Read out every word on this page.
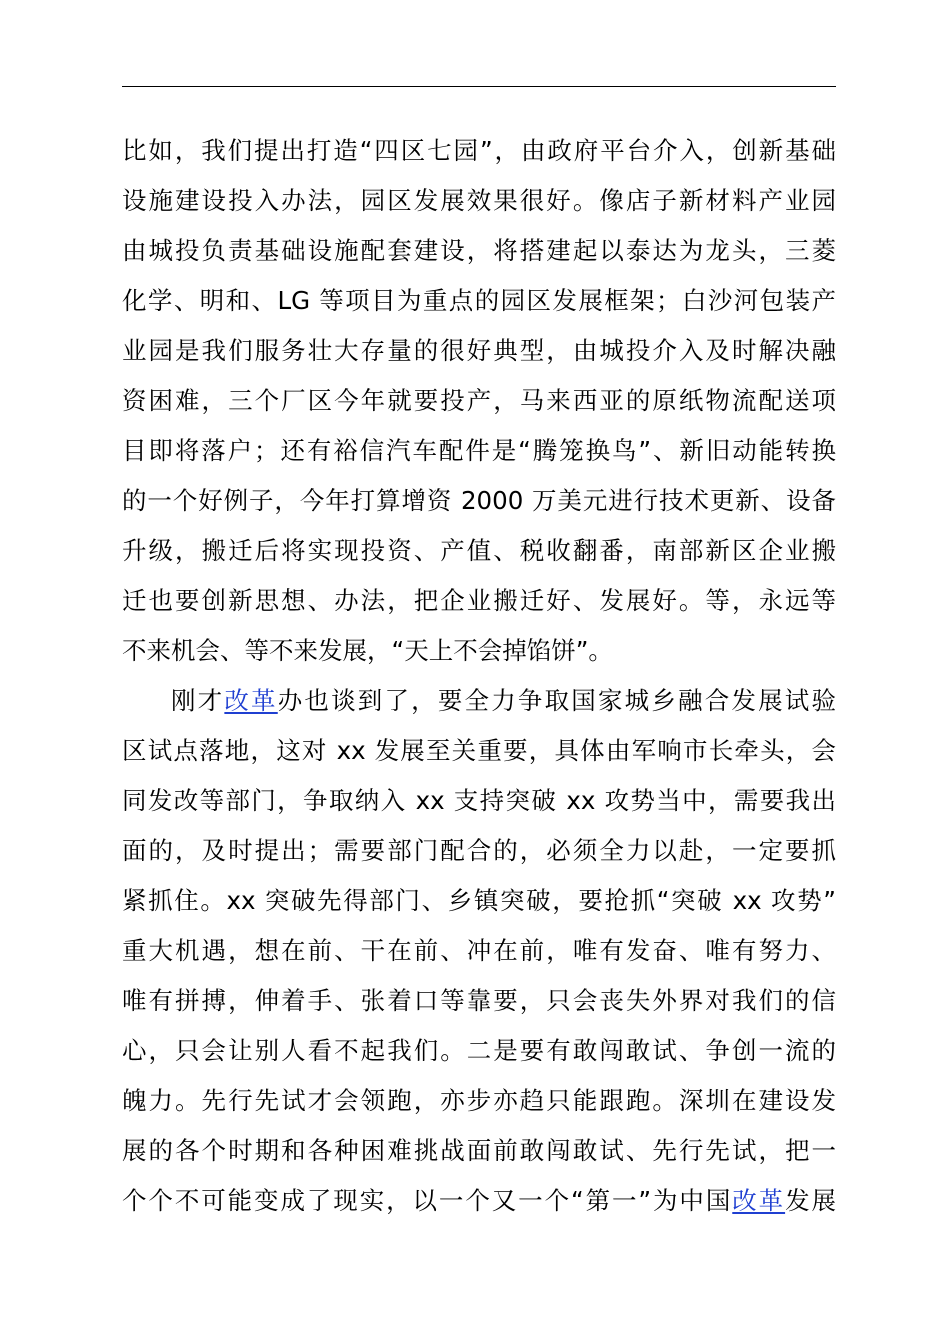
比如，我们提出打造“四区七园”，由政府平台介入，创新基础
设施建设投入办法，园区发展效果很好。像店子新材料产业园
由城投负责基础设施配套建设，将搭建起以泰达为龙头，三菱
化学、明和、LG 等项目为重点的园区发展框架；白沙河包装产
业园是我们服务壮大存量的很好典型，由城投介入及时解决融
资困难，三个厂区今年就要投产，马来西亚的原纸物流配送项
目即将落户；还有裕信汽车配件是“腾笼换鸟”、新旧动能转换
的一个好例子，今年打算增资 2000 万美元进行技术更新、设备
升级，搬迁后将实现投资、产值、税收翻番，南部新区企业搬
迁也要创新思想、办法，把企业搬迁好、发展好。等，永远等
不来机会、等不来发展，“天上不会掉馅饼”。
刚才改革办也谈到了，要全力争取国家城乡融合发展试验
区试点落地，这对 xx 发展至关重要，具体由军响市长牵头，会
同发改等部门，争取纳入 xx 支持突破 xx 攻势当中，需要我出
面的，及时提出；需要部门配合的，必须全力以赴，一定要抓
紧抓住。xx 突破先得部门、乡镇突破，要抢抓“突破 xx 攻势”
重大机遇，想在前、干在前、冲在前，唯有发奋、唯有努力、
唯有拼搏，伸着手、张着口等靠要，只会丧失外界对我们的信
心，只会让别人看不起我们。二是要有敢闯敢试、争创一流的
魄力。先行先试才会领跑，亦步亦趋只能跟跑。深圳在建设发
展的各个时期和各种困难挑战面前敢闯敢试、先行先试，把一
个个不可能变成了现实，以一个又一个“第一”为中国改革发展
